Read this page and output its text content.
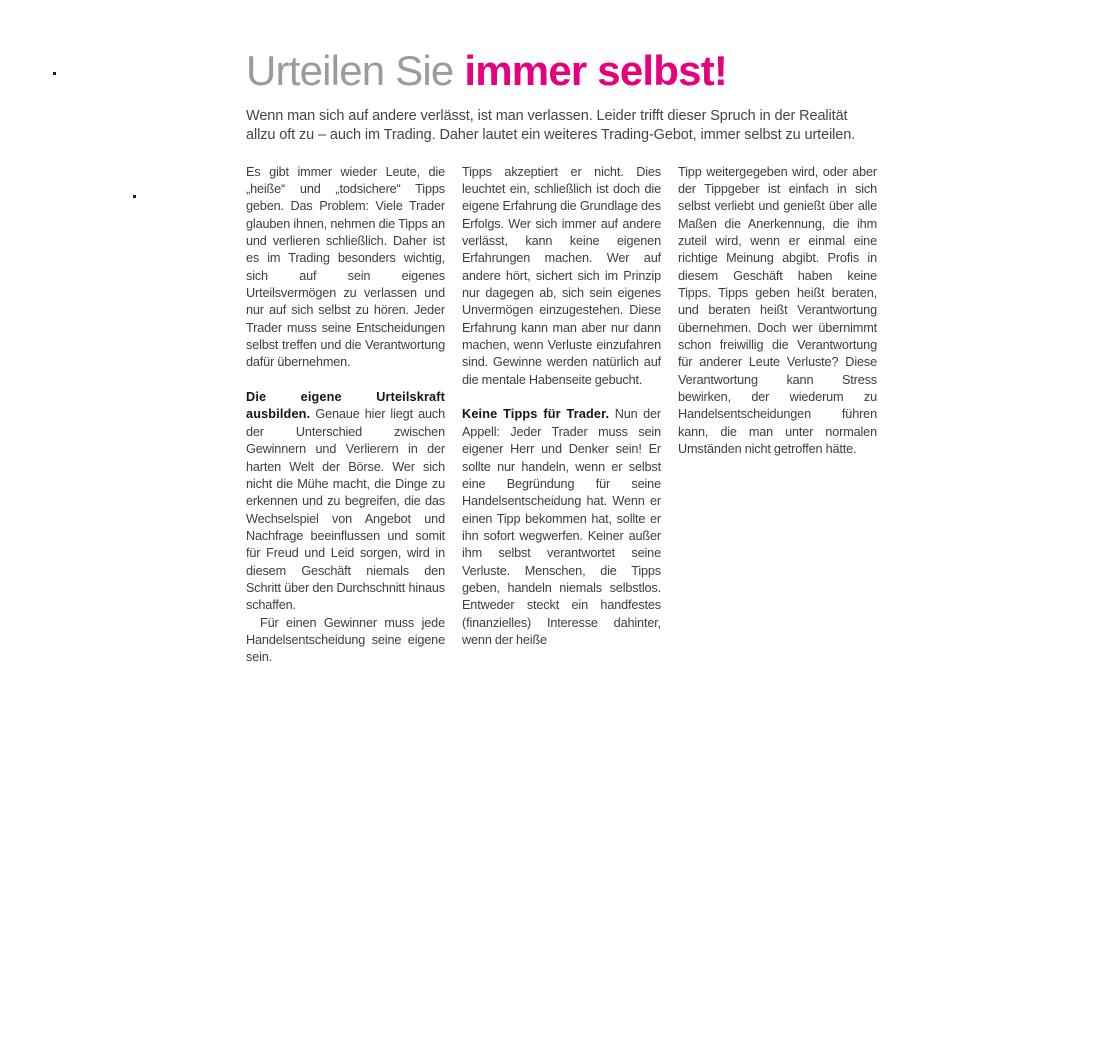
Urteilen Sie immer selbst!

Wenn man sich auf andere verlässt, ist man verlassen. Leider trifft dieser Spruch in der Realität allzu oft zu – auch im Trading. Daher lautet ein weiteres Trading-Gebot, immer selbst zu urteilen.

Es gibt immer wieder Leute, die „heiße“ und „todsichere“ Tipps geben. Das Problem: Viele Trader glauben ihnen, nehmen die Tipps an und verlieren schließlich. Daher ist es im Trading besonders wichtig, sich auf sein eigenes Urteilsvermögen zu verlassen und nur auf sich selbst zu hören. Jeder Trader muss seine Entscheidungen selbst treffen und die Verantwortung dafür übernehmen.

Die eigene Urteilskraft ausbilden. Genaue hier liegt auch der Unterschied zwischen Gewinnern und Verlierern in der harten Welt der Börse. Wer sich nicht die Mühe macht, die Dinge zu erkennen und zu begreifen, die das Wechselspiel von Angebot und Nachfrage beeinflussen und somit für Freud und Leid sorgen, wird in diesem Geschäft niemals den Schritt über den Durchschnitt hinaus schaffen.

Für einen Gewinner muss jede Handelsentscheidung seine eigene sein.

Tipps akzeptiert er nicht. Dies leuchtet ein, schließlich ist doch die eigene Erfahrung die Grundlage des Erfolgs. Wer sich immer auf andere verlässt, kann keine eigenen Erfahrungen machen. Wer auf andere hört, sichert sich im Prinzip nur dagegen ab, sich sein eigenes Unvermögen einzugestehen. Diese Erfahrung kann man aber nur dann machen, wenn Verluste einzufahren sind. Gewinne werden natürlich auf die mentale Habenseite gebucht.

Keine Tipps für Trader. Nun der Appell: Jeder Trader muss sein eigener Herr und Denker sein! Er sollte nur handeln, wenn er selbst eine Begründung für seine Handelsentscheidung hat. Wenn er einen Tipp bekommen hat, sollte er ihn sofort wegwerfen. Keiner außer ihm selbst verantwortet seine Verluste. Menschen, die Tipps geben, handeln niemals selbstlos. Entweder steckt ein handfestes (finanzielles) Interesse dahinter, wenn der heiße

Tipp weitergegeben wird, oder aber der Tippgeber ist einfach in sich selbst verliebt und genießt über alle Maßen die Anerkennung, die ihm zuteil wird, wenn er einmal eine richtige Meinung abgibt. Profis in diesem Geschäft haben keine Tipps. Tipps geben heißt beraten, und beraten heißt Verantwortung übernehmen. Doch wer übernimmt schon freiwillig die Verantwortung für anderer Leute Verluste? Diese Verantwortung kann Stress bewirken, der wiederum zu Handelsentscheidungen führen kann, die man unter normalen Umständen nicht getroffen hätte.
